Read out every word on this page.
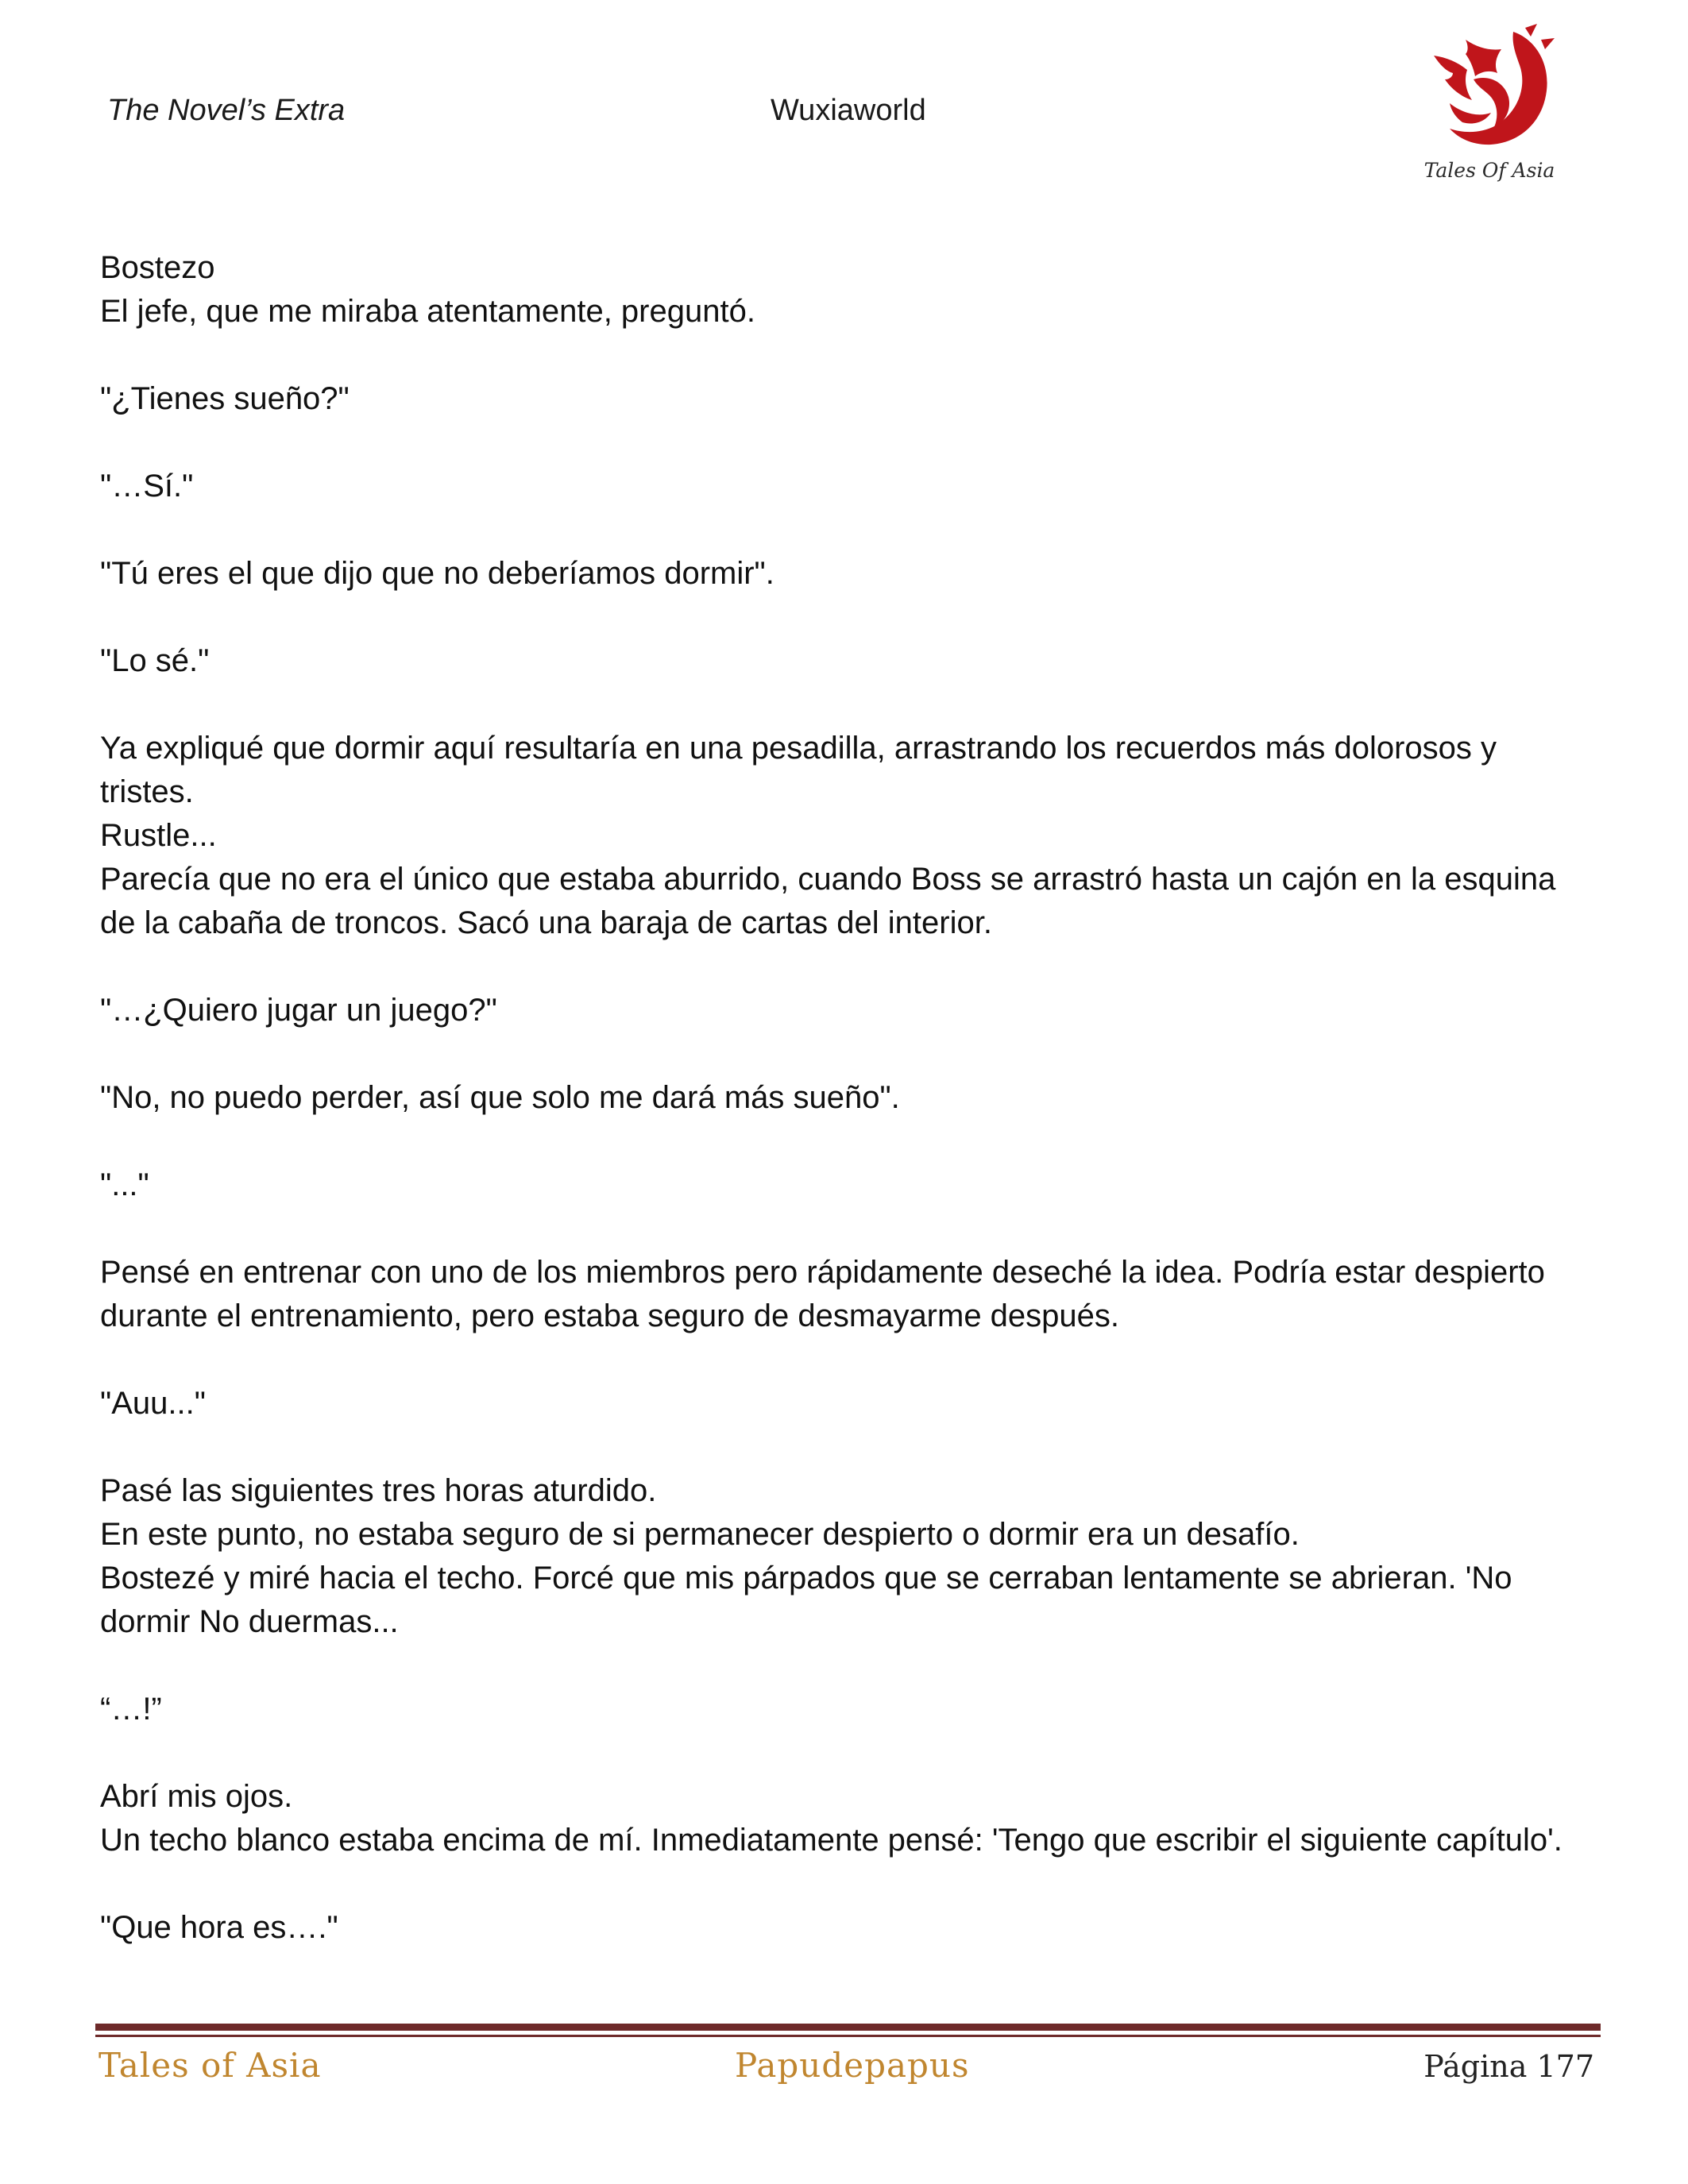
The Novel’s Extra	Wuxiaworld
Tales Of Asia

Bostezo

El jefe, que me miraba atentamente, preguntó.

"¿Tienes sueño?"

"…Sí."

"Tú eres el que dijo que no deberíamos dormir".

"Lo sé."

Ya expliqué que dormir aquí resultaría en una pesadilla, arrastrando los recuerdos más dolorosos y tristes.

Rustle...

Parecía que no era el único que estaba aburrido, cuando Boss se arrastró hasta un cajón en la esquina de la cabaña de troncos. Sacó una baraja de cartas del interior.

"…¿Quiero jugar un juego?"

"No, no puedo perder, así que solo me dará más sueño".

"..."

Pensé en entrenar con uno de los miembros pero rápidamente deseché la idea. Podría estar despierto durante el entrenamiento, pero estaba seguro de desmayarme después.

"Auu..."

Pasé las siguientes tres horas aturdido.

En este punto, no estaba seguro de si permanecer despierto o dormir era un desafío.

Bostezé y miré hacia el techo. Forcé que mis párpados que se cerraban lentamente se abrieran. 'No dormir No duermas...

“…!”

Abrí mis ojos.

Un techo blanco estaba encima de mí. Inmediatamente pensé: 'Tengo que escribir el siguiente capítulo'.

"Que hora es…."

Tales of Asia	Papudepapus	Página 177
